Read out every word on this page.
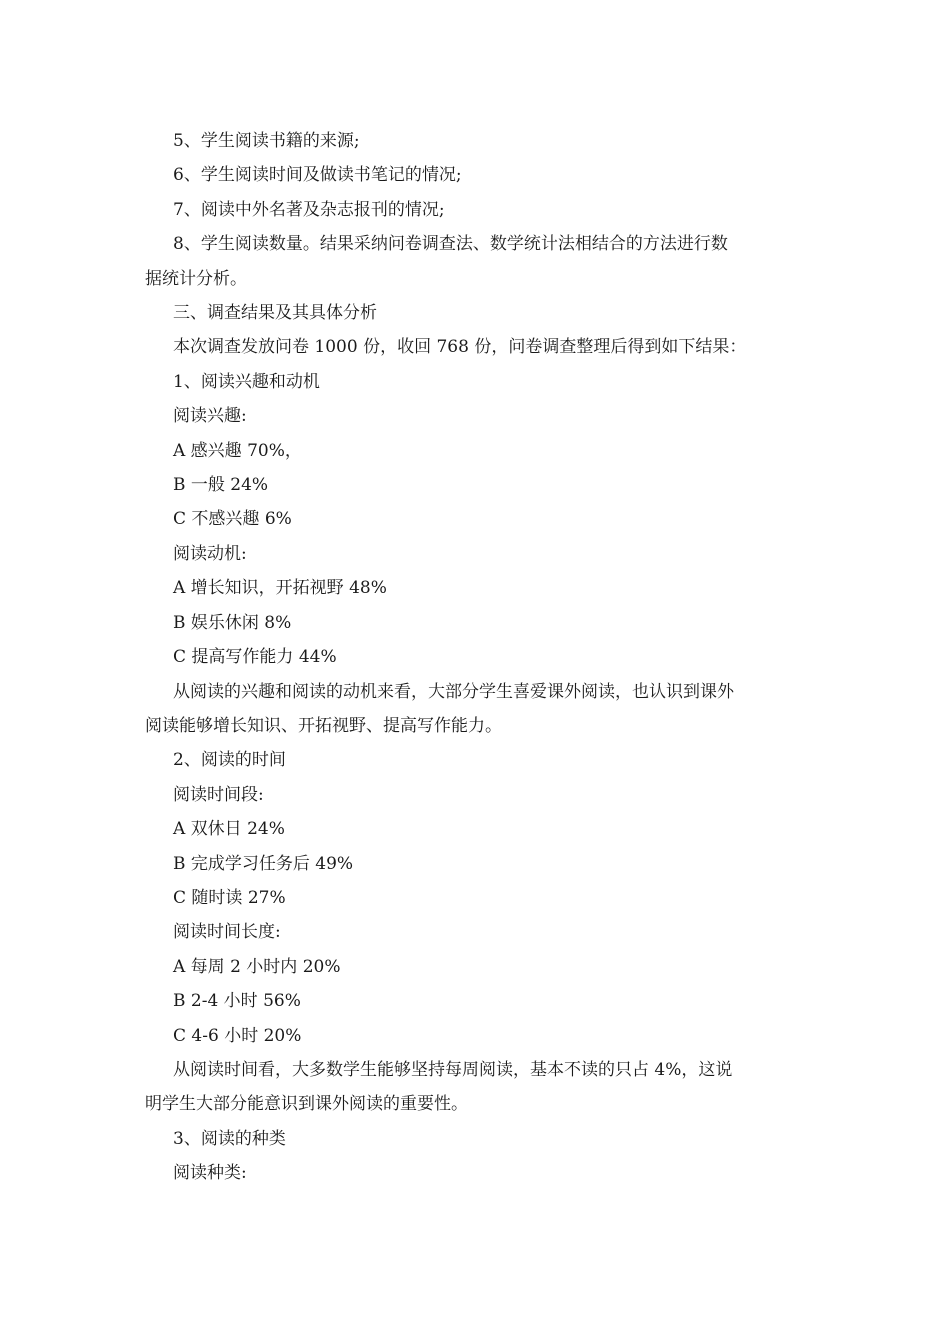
5、学生阅读书籍的来源;

6、学生阅读时间及做读书笔记的情况;

7、阅读中外名著及杂志报刊的情况;

8、学生阅读数量。结果采纳问卷调查法、数学统计法相结合的方法进行数
据统计分析。

三、调查结果及其具体分析

本次调查发放问卷 1000 份，收回 768 份，问卷调查整理后得到如下结果：

1、阅读兴趣和动机

阅读兴趣:

A 感兴趣 70%，

B 一般 24%

C 不感兴趣 6%

阅读动机:

A 增长知识，开拓视野 48%

B 娱乐休闲 8%

C 提高写作能力 44%

从阅读的兴趣和阅读的动机来看，大部分学生喜爱课外阅读，也认识到课外
阅读能够增长知识、开拓视野、提高写作能力。

2、阅读的时间

阅读时间段:

A 双休日 24%

B 完成学习任务后 49%

C 随时读 27%

阅读时间长度:

A 每周 2 小时内 20%

B 2-4 小时 56%

C 4-6 小时 20%

从阅读时间看，大多数学生能够坚持每周阅读，基本不读的只占 4%，这说
明学生大部分能意识到课外阅读的重要性。

3、阅读的种类

阅读种类:
